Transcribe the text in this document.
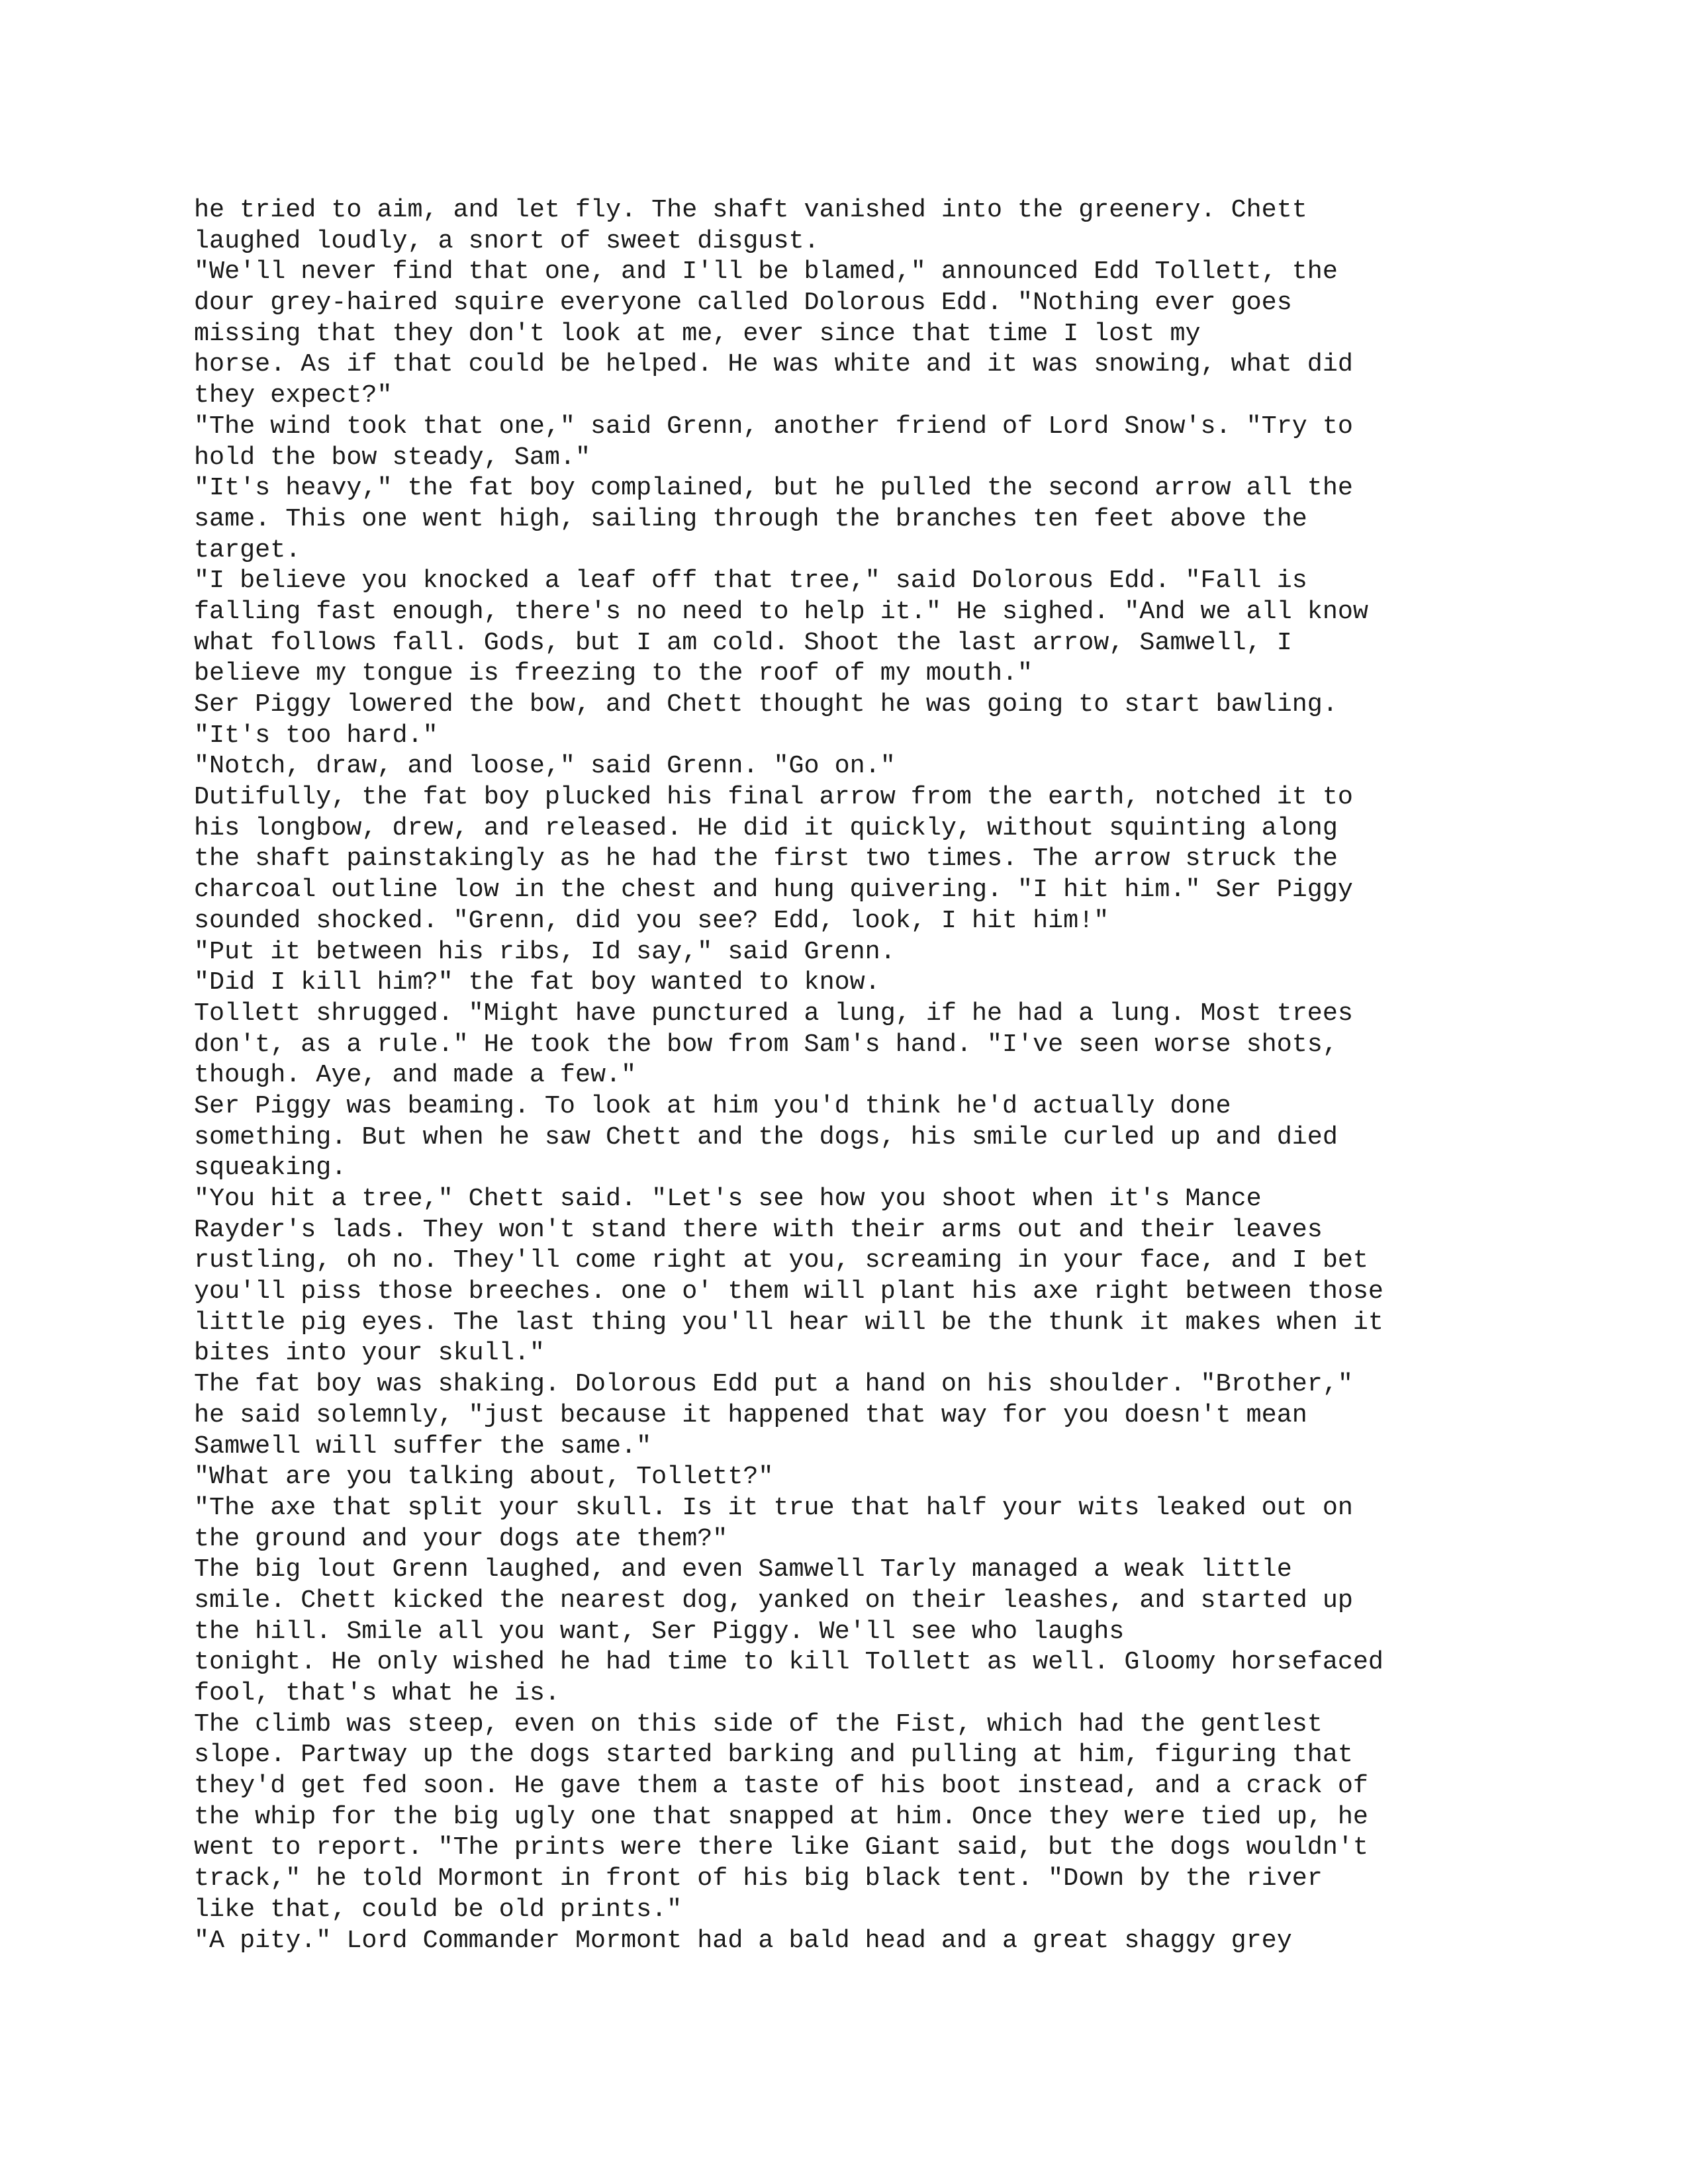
he tried to aim, and let fly. The shaft vanished into the greenery. Chett
laughed loudly, a snort of sweet disgust.
"We'll never find that one, and I'll be blamed," announced Edd Tollett, the
dour grey-haired squire everyone called Dolorous Edd. "Nothing ever goes
missing that they don't look at me, ever since that time I lost my
horse. As if that could be helped. He was white and it was snowing, what did
they expect?"
"The wind took that one," said Grenn, another friend of Lord Snow's. "Try to
hold the bow steady, Sam."
"It's heavy," the fat boy complained, but he pulled the second arrow all the
same. This one went high, sailing through the branches ten feet above the
target.
"I believe you knocked a leaf off that tree," said Dolorous Edd. "Fall is
falling fast enough, there's no need to help it." He sighed. "And we all know
what follows fall. Gods, but I am cold. Shoot the last arrow, Samwell, I
believe my tongue is freezing to the roof of my mouth."
Ser Piggy lowered the bow, and Chett thought he was going to start bawling.
"It's too hard."
"Notch, draw, and loose," said Grenn. "Go on."
Dutifully, the fat boy plucked his final arrow from the earth, notched it to
his longbow, drew, and released. He did it quickly, without squinting along
the shaft painstakingly as he had the first two times. The arrow struck the
charcoal outline low in the chest and hung quivering. "I hit him." Ser Piggy
sounded shocked. "Grenn, did you see? Edd, look, I hit him!"
"Put it between his ribs, Id say," said Grenn.
"Did I kill him?" the fat boy wanted to know.
Tollett shrugged. "Might have punctured a lung, if he had a lung. Most trees
don't, as a rule." He took the bow from Sam's hand. "I've seen worse shots,
though. Aye, and made a few."
Ser Piggy was beaming. To look at him you'd think he'd actually done
something. But when he saw Chett and the dogs, his smile curled up and died
squeaking.
"You hit a tree," Chett said. "Let's see how you shoot when it's Mance
Rayder's lads. They won't stand there with their arms out and their leaves
rustling, oh no. They'll come right at you, screaming in your face, and I bet
you'll piss those breeches. one o' them will plant his axe right between those
little pig eyes. The last thing you'll hear will be the thunk it makes when it
bites into your skull."
The fat boy was shaking. Dolorous Edd put a hand on his shoulder. "Brother,"
he said solemnly, "just because it happened that way for you doesn't mean
Samwell will suffer the same."
"What are you talking about, Tollett?"
"The axe that split your skull. Is it true that half your wits leaked out on
the ground and your dogs ate them?"
The big lout Grenn laughed, and even Samwell Tarly managed a weak little
smile. Chett kicked the nearest dog, yanked on their leashes, and started up
the hill. Smile all you want, Ser Piggy. We'll see who laughs
tonight. He only wished he had time to kill Tollett as well. Gloomy horsefaced
fool, that's what he is.
The climb was steep, even on this side of the Fist, which had the gentlest
slope. Partway up the dogs started barking and pulling at him, figuring that
they'd get fed soon. He gave them a taste of his boot instead, and a crack of
the whip for the big ugly one that snapped at him. Once they were tied up, he
went to report. "The prints were there like Giant said, but the dogs wouldn't
track," he told Mormont in front of his big black tent. "Down by the river
like that, could be old prints."
"A pity." Lord Commander Mormont had a bald head and a great shaggy grey
